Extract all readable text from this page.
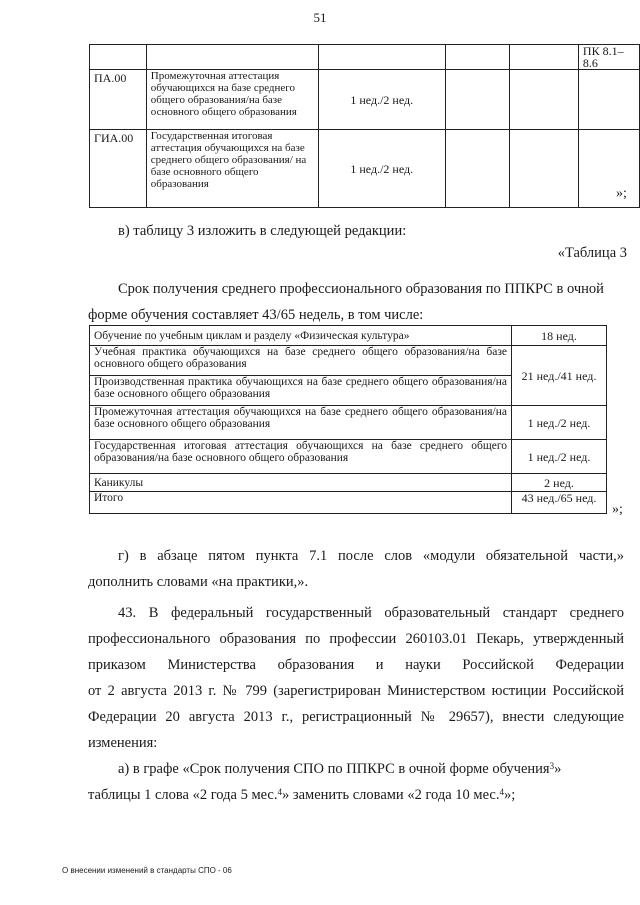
51
					ПК 8.1–8.6
ПА.00	Промежуточная аттестация обучающихся на базе среднего общего образования/на базе основного общего образования	1 нед./2 нед.			
ГИА.00	Государственная итоговая аттестация обучающихся на базе среднего общего образования/ на базе основного общего образования	1 нед./2 нед.			
»;
в) таблицу 3 изложить в следующей редакции:
«Таблица 3
Срок получения среднего профессионального образования по ППКРС в очной
форме обучения составляет 43/65 недель, в том числе:
Обучение по учебным циклам и разделу «Физическая культура»	18 нед.
Учебная практика обучающихся на базе среднего общего образования/на базе основного общего образования	21 нед./41 нед.
Производственная практика обучающихся на базе среднего общего образования/на базе основного общего образования	
Промежуточная аттестация обучающихся на базе среднего общего образования/на базе основного общего образования	1 нед./2 нед.
Государственная итоговая аттестация обучающихся на базе среднего общего образования/на базе основного общего образования	1 нед./2 нед.
Каникулы	2 нед.
Итого	43 нед./65 нед.
»;
г) в абзаце пятом пункта 7.1 после слов «модули обязательной части,»
дополнить словами «на практики,».
43. В федеральный государственный образовательный стандарт среднего
профессионального образования по профессии 260103.01 Пекарь, утвержденный
приказом Министерства образования и науки Российской Федерации
от 2 августа 2013 г. № 799 (зарегистрирован Министерством юстиции Российской
Федерации 20 августа 2013 г., регистрационный № 29657), внести следующие
изменения:
а) в графе «Срок получения СПО по ППКРС в очной форме обучения$^3$»
таблицы 1 слова «2 года 5 мес.$^4$» заменить словами «2 года 10 мес.$^4$»;
О внесении изменений в стандарты СПО - 06
